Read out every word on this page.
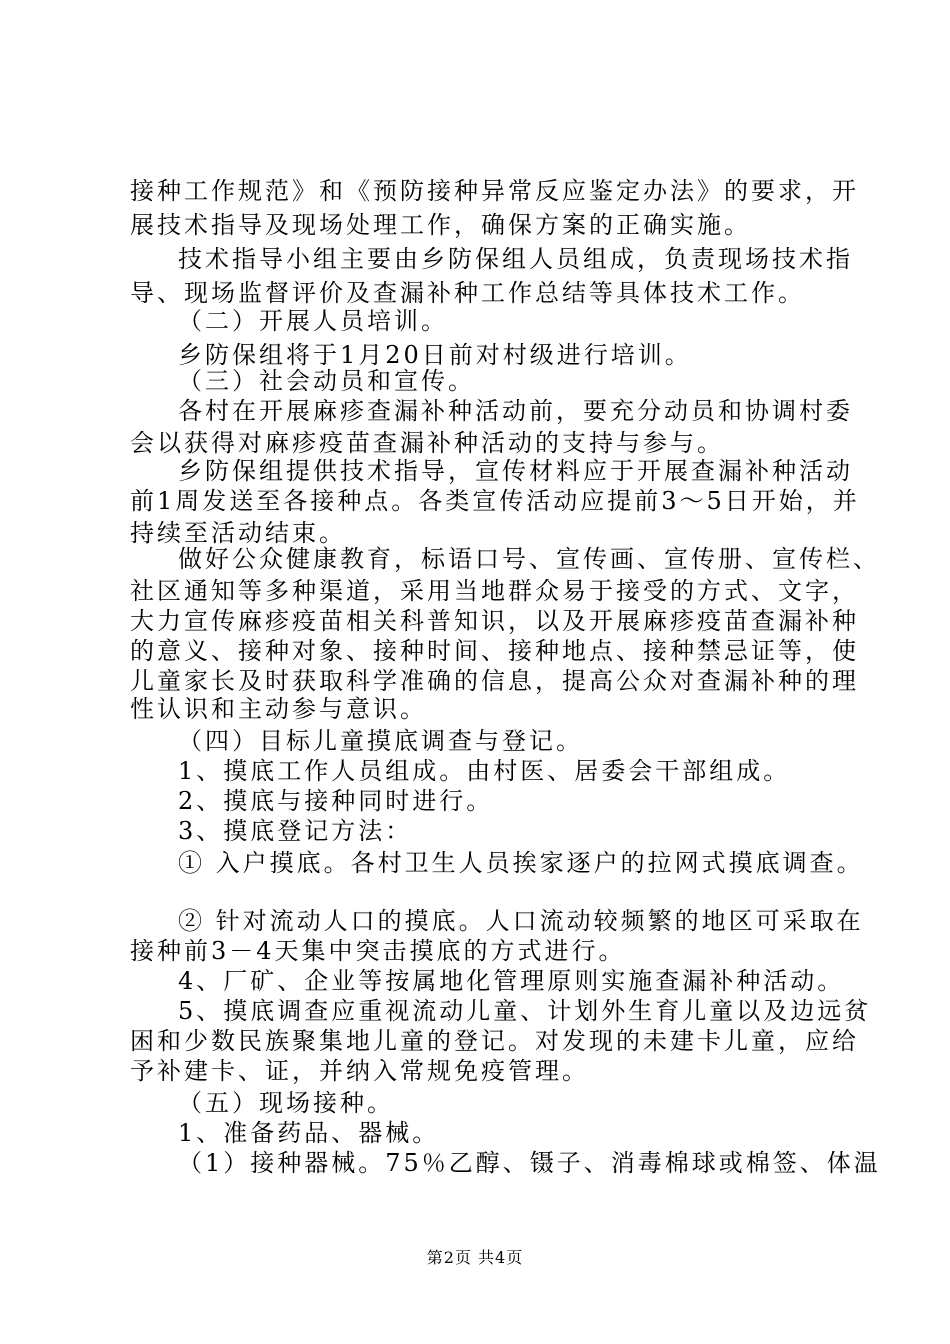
接种工作规范》和《预防接种异常反应鉴定办法》的要求，开
展技术指导及现场处理工作，确保方案的正确实施。
技术指导小组主要由乡防保组人员组成，负责现场技术指
导、现场监督评价及查漏补种工作总结等具体技术工作。
（二）开展人员培训。
乡防保组将于1月20日前对村级进行培训。
（三）社会动员和宣传。
各村在开展麻疹查漏补种活动前，要充分动员和协调村委
会以获得对麻疹疫苗查漏补种活动的支持与参与。
乡防保组提供技术指导，宣传材料应于开展查漏补种活动
前1周发送至各接种点。各类宣传活动应提前3～5日开始，并
持续至活动结束。
做好公众健康教育，标语口号、宣传画、宣传册、宣传栏、
社区通知等多种渠道，采用当地群众易于接受的方式、文字，
大力宣传麻疹疫苗相关科普知识，以及开展麻疹疫苗查漏补种
的意义、接种对象、接种时间、接种地点、接种禁忌证等，使
儿童家长及时获取科学准确的信息，提高公众对查漏补种的理
性认识和主动参与意识。
（四）目标儿童摸底调查与登记。
1、摸底工作人员组成。由村医、居委会干部组成。
2、摸底与接种同时进行。
3、摸底登记方法：
① 入户摸底。各村卫生人员挨家逐户的拉网式摸底调查。
② 针对流动人口的摸底。人口流动较频繁的地区可采取在
接种前3－4天集中突击摸底的方式进行。
4、厂矿、企业等按属地化管理原则实施查漏补种活动。
5、摸底调查应重视流动儿童、计划外生育儿童以及边远贫
困和少数民族聚集地儿童的登记。对发现的未建卡儿童，应给
予补建卡、证，并纳入常规免疫管理。
（五）现场接种。
1、准备药品、器械。
（1）接种器械。75％乙醇、镊子、消毒棉球或棉签、体温
第2页 共4页
